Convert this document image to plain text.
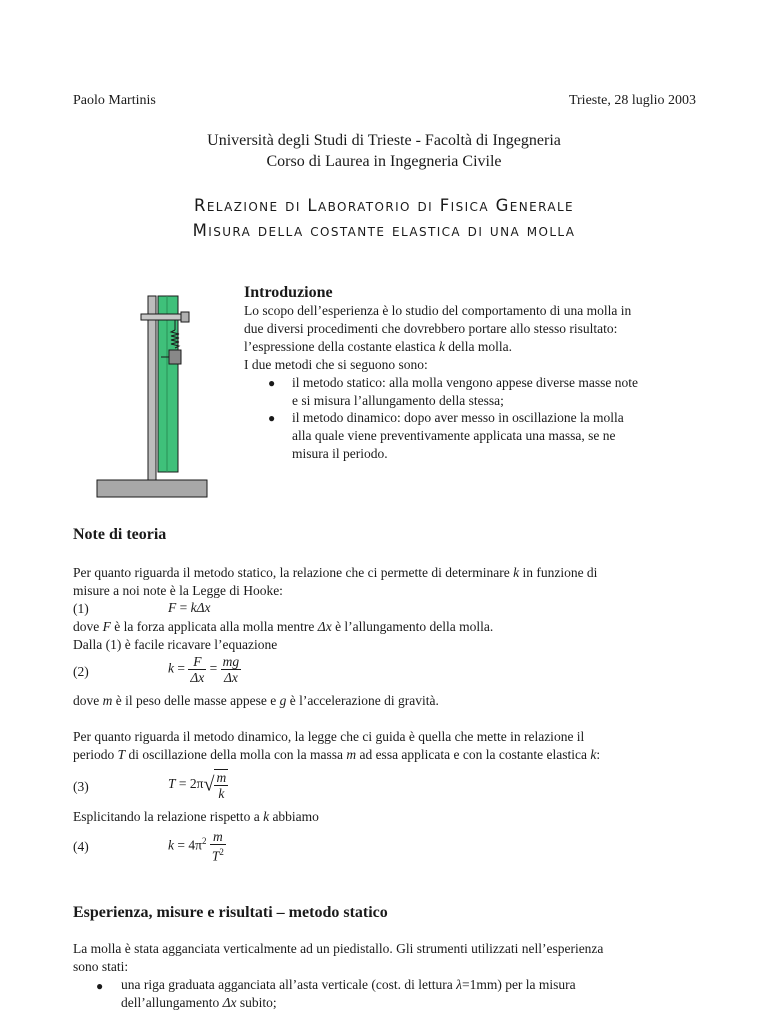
Paolo Martinis	Trieste, 28 luglio 2003
Università degli Studi di Trieste - Facoltà di Ingegneria
Corso di Laurea in Ingegneria Civile
Relazione di Laboratorio di Fisica Generale
Misura della costante elastica di una molla
Introduzione
Lo scopo dell’esperienza è lo studio del comportamento di una molla in
due diversi procedimenti che dovrebbero portare allo stesso risultato:
l’espressione della costante elastica k della molla.
I due metodi che si seguono sono:
● il metodo statico: alla molla vengono appese diverse masse note
e si misura l’allungamento della stessa;
● il metodo dinamico: dopo aver messo in oscillazione la molla
alla quale viene preventivamente applicata una massa, se ne
misura il periodo.
Note di teoria
Per quanto riguarda il metodo statico, la relazione che ci permette di determinare k in funzione di
misure a noi note è la Legge di Hooke:
(1)	F = kΔx
dove F è la forza applicata alla molla mentre Δx è l’allungamento della molla.
Dalla (1) è facile ricavare l’equazione
(2)	$k = \frac{F}{\Delta x} = \frac{mg}{\Delta x}$
dove m è il peso delle masse appese e g è l’accelerazione di gravità.
Per quanto riguarda il metodo dinamico, la legge che ci guida è quella che mette in relazione il
periodo T di oscillazione della molla con la massa m ad essa applicata e con la costante elastica k:
(3)	$T = 2\pi√ \frac{m}{k}$
Esplicitando la relazione rispetto a k abbiamo
(4)	$k = 4\pi^2 \frac{m}{T^2}$
Esperienza, misure e risultati – metodo statico
La molla è stata agganciata verticalmente ad un piedistallo. Gli strumenti utilizzati nell’esperienza
sono stati:
● una riga graduata agganciata all’asta verticale (cost. di lettura λ=1mm) per la misura
dell’allungamento Δx subito;
